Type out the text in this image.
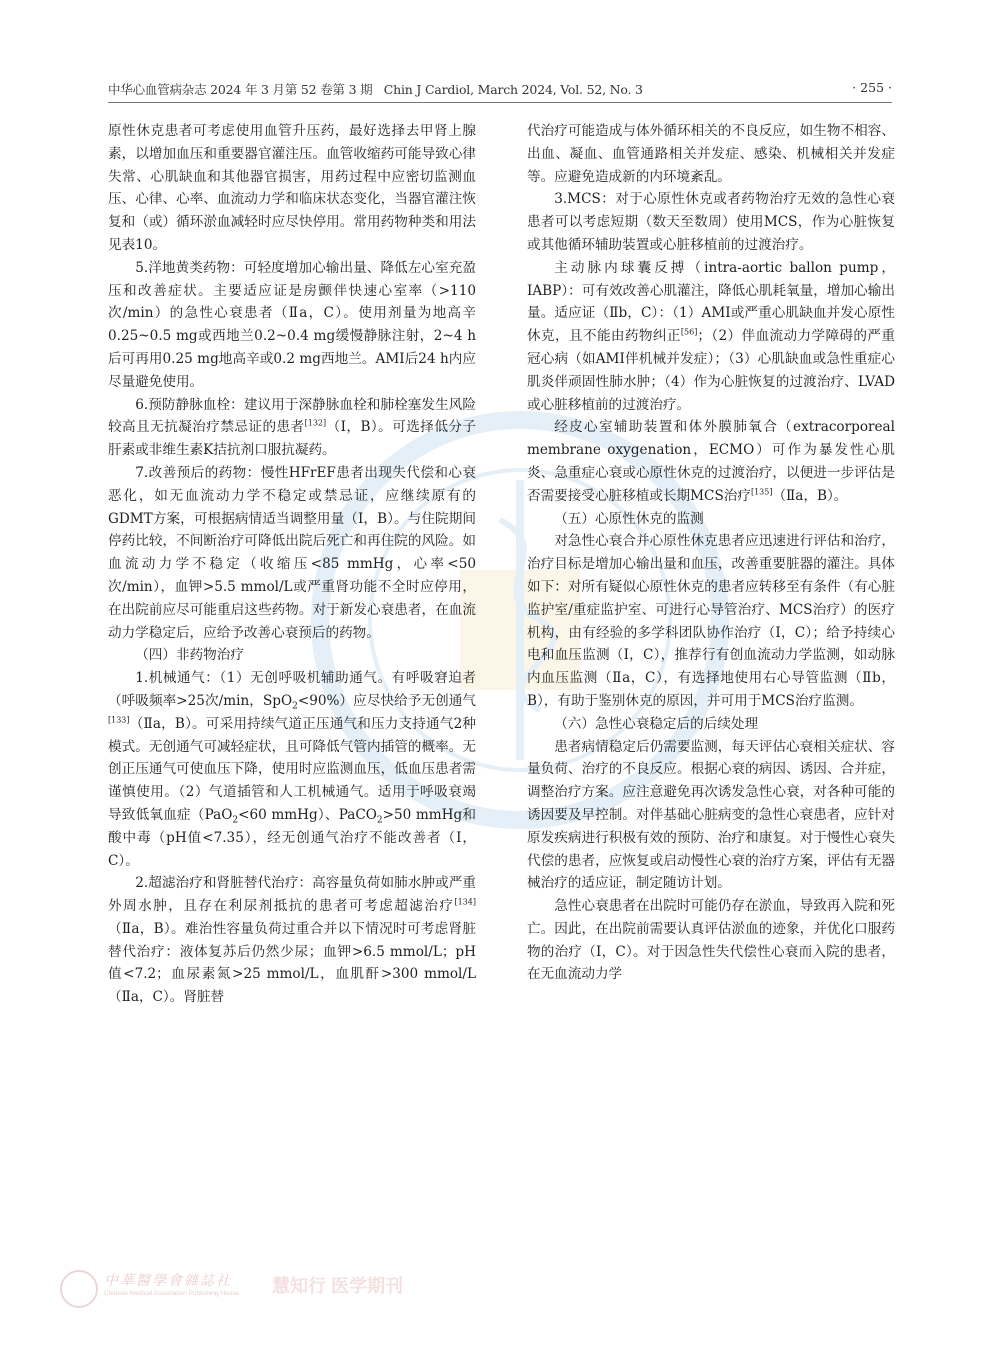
中华心血管病杂志 2024 年 3 月第 52 卷第 3 期 Chin J Cardiol, March 2024, Vol. 52, No. 3	· 255 ·

原性休克患者可考虑使用血管升压药，最好选择去甲肾上腺素，以增加血压和重要器官灌注压。血管收缩药可能导致心律失常、心肌缺血和其他器官损害，用药过程中应密切监测血压、心律、心率、血流动力学和临床状态变化，当器官灌注恢复和（或）循环淤血减轻时应尽快停用。常用药物种类和用法见表10。

5.洋地黄类药物：可轻度增加心输出量、降低左心室充盈压和改善症状。主要适应证是房颤伴快速心室率（>110次/min）的急性心衰患者（Ⅱa，C）。使用剂量为地高辛0.25~0.5 mg或西地兰0.2~0.4 mg缓慢静脉注射，2~4 h后可再用0.25 mg地高辛或0.2 mg西地兰。AMI后24 h内应尽量避免使用。

6.预防静脉血栓：建议用于深静脉血栓和肺栓塞发生风险较高且无抗凝治疗禁忌证的患者[132]（Ⅰ，B）。可选择低分子肝素或非维生素K拮抗剂口服抗凝药。

7.改善预后的药物：慢性HFrEF患者出现失代偿和心衰恶化，如无血流动力学不稳定或禁忌证，应继续原有的GDMT方案，可根据病情适当调整用量（Ⅰ，B）。与住院期间停药比较，不间断治疗可降低出院后死亡和再住院的风险。如血流动力学不稳定（收缩压<85 mmHg，心率<50次/min），血钾>5.5 mmol/L或严重肾功能不全时应停用，在出院前应尽可能重启这些药物。对于新发心衰患者，在血流动力学稳定后，应给予改善心衰预后的药物。

（四）非药物治疗

1.机械通气：（1）无创呼吸机辅助通气。有呼吸窘迫者（呼吸频率>25次/min，SpO$_2$<90%）应尽快给予无创通气[133]（Ⅱa，B）。可采用持续气道正压通气和压力支持通气2种模式。无创通气可减轻症状，且可降低气管内插管的概率。无创正压通气可使血压下降，使用时应监测血压，低血压患者需谨慎使用。（2）气道插管和人工机械通气。适用于呼吸衰竭导致低氧血症（PaO$_2$<60 mmHg）、PaCO$_2$>50 mmHg和酸中毒（pH值<7.35），经无创通气治疗不能改善者（Ⅰ，C）。

2.超滤治疗和肾脏替代治疗：高容量负荷如肺水肿或严重外周水肿，且存在利尿剂抵抗的患者可考虑超滤治疗[134]（Ⅱa，B）。难治性容量负荷过重合并以下情况时可考虑肾脏替代治疗：液体复苏后仍然少尿；血钾>6.5 mmol/L；pH值<7.2；血尿素氮>25 mmol/L，血肌酐>300 mmol/L（Ⅱa，C）。肾脏替

代治疗可能造成与体外循环相关的不良反应，如生物不相容、出血、凝血、血管通路相关并发症、感染、机械相关并发症等。应避免造成新的内环境紊乱。

3.MCS：对于心原性休克或者药物治疗无效的急性心衰患者可以考虑短期（数天至数周）使用MCS，作为心脏恢复或其他循环辅助装置或心脏移植前的过渡治疗。

主动脉内球囊反搏（intra-aortic ballon pump，IABP）：可有效改善心肌灌注，降低心肌耗氧量，增加心输出量。适应证（Ⅱb，C）：（1）AMI或严重心肌缺血并发心原性休克，且不能由药物纠正[56]；（2）伴血流动力学障碍的严重冠心病（如AMI伴机械并发症）；（3）心肌缺血或急性重症心肌炎伴顽固性肺水肿；（4）作为心脏恢复的过渡治疗、LVAD或心脏移植前的过渡治疗。

经皮心室辅助装置和体外膜肺氧合（extracorporeal membrane oxygenation，ECMO）可作为暴发性心肌炎、急重症心衰或心原性休克的过渡治疗，以便进一步评估是否需要接受心脏移植或长期MCS治疗[135]（Ⅱa，B）。

（五）心原性休克的监测

对急性心衰合并心原性休克患者应迅速进行评估和治疗，治疗目标是增加心输出量和血压，改善重要脏器的灌注。具体如下：对所有疑似心原性休克的患者应转移至有条件（有心脏监护室/重症监护室、可进行心导管治疗、MCS治疗）的医疗机构，由有经验的多学科团队协作治疗（Ⅰ，C）；给予持续心电和血压监测（Ⅰ，C），推荐行有创血流动力学监测，如动脉内血压监测（Ⅱa，C），有选择地使用右心导管监测（Ⅱb，B），有助于鉴别休克的原因，并可用于MCS治疗监测。

（六）急性心衰稳定后的后续处理

患者病情稳定后仍需要监测，每天评估心衰相关症状、容量负荷、治疗的不良反应。根据心衰的病因、诱因、合并症，调整治疗方案。应注意避免再次诱发急性心衰，对各种可能的诱因要及早控制。对伴基础心脏病变的急性心衰患者，应针对原发疾病进行积极有效的预防、治疗和康复。对于慢性心衰失代偿的患者，应恢复或启动慢性心衰的治疗方案，评估有无器械治疗的适应证，制定随访计划。

急性心衰患者在出院时可能仍存在淤血，导致再入院和死亡。因此，在出院前需要认真评估淤血的迹象，并优化口服药物的治疗（Ⅰ，C）。对于因急性失代偿性心衰而入院的患者，在无血流动力学

中華醫學會雜誌社
Chinese Medical Association Publishing House 慧知行 医学期刊
